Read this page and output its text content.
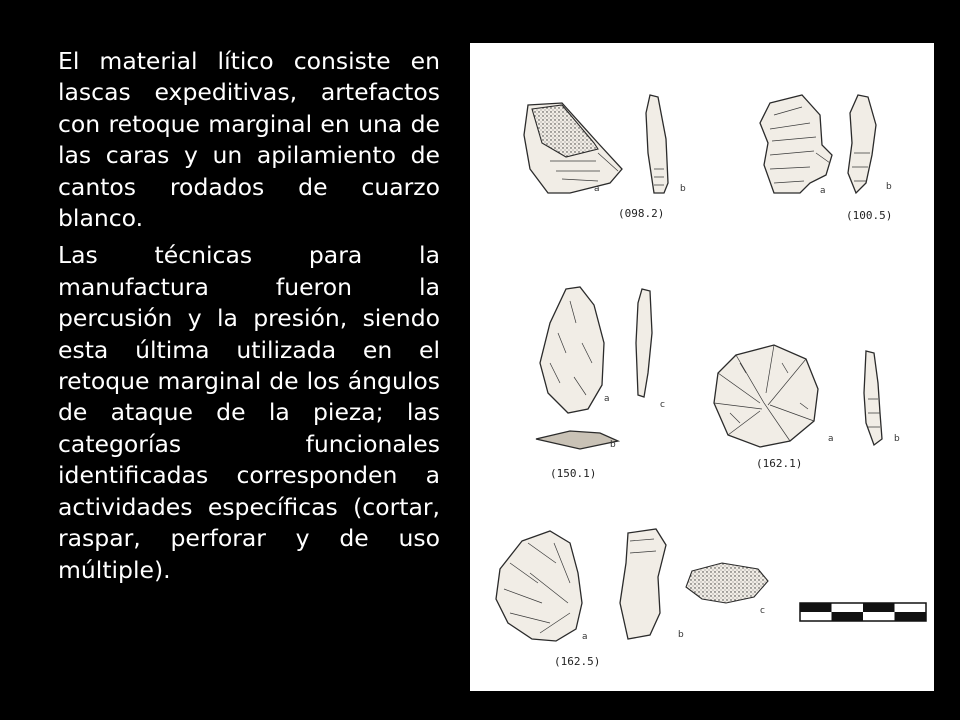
El material lítico consiste en lascas expeditivas, artefactos con retoque marginal en una de las caras y un apilamiento de cantos rodados de cuarzo blanco.

Las técnicas para la manufactura fueron la percusión y la presión, siendo esta última utilizada en el retoque marginal de los ángulos de ataque de la pieza; las categorías funcionales identificadas corresponden a actividades específicas (cortar, raspar, perforar y de uso múltiple).

a	b
(098.2)
a	b
(100.5)
a
c
b
(150.1)
a	b
(162.1)
a	b
c
(162.5)
